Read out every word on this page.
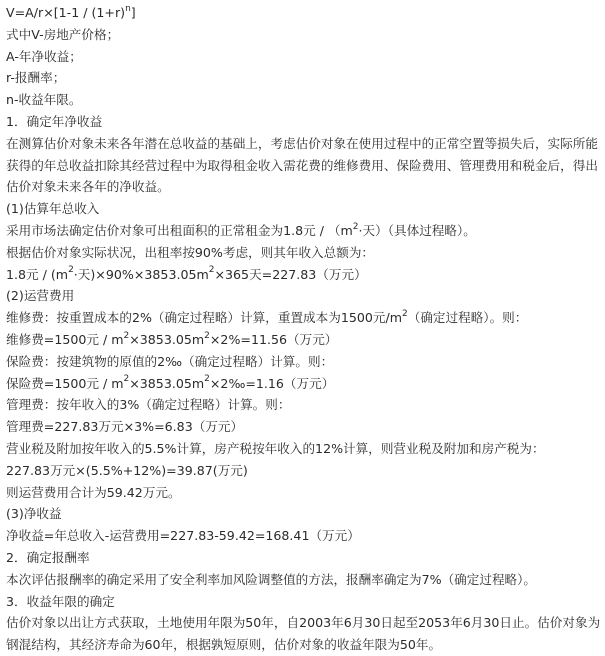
$V=A/r\times[1-1 / (1+r)^n]$
式中V-房地产价格；
A-年净收益；
r-报酬率；
n-收益年限。
1．确定年净收益

在测算估价对象未来各年潜在总收益的基础上，考虑估价对象在使用过程中的正常空置等损失后，实际所能获得的年总收益扣除其经营过程中为取得租金收入需花费的维修费用、保险费用、管理费用和税金后，得出估价对象未来各年的净收益。

(1)估算年总收入
采用市场法确定估价对象可出租面积的正常租金为1.8元 / （$m^2\cdot$天）（具体过程略）。
根据估价对象实际状况，出租率按90%考虑，则其年收入总额为：
1.8元 / ($m^2\cdot$天)$\times 90\%\times 3853.05m^2\times 365$天=227.83（万元）
(2)运营费用
维修费：按重置成本的2%（确定过程略）计算，重置成本为1500元$/m^2$（确定过程略）。则：
维修费=1500元 / $m^2\times 3853.05m^2\times 2\%=11.56$（万元）
保险费：按建筑物的原值的2‰（确定过程略）计算。则：
保险费=1500元 / $m^2\times 3853.05m^2\times 2‰=1.16$（万元）
管理费：按年收入的3%（确定过程略）计算。则：
管理费=227.83万元×3%=6.83（万元）
营业税及附加按年收入的5.5%计算，房产税按年收入的12%计算，则营业税及附加和房产税为：
227.83万元×(5.5%+12%)=39.87(万元)
则运营费用合计为59.42万元。
(3)净收益
净收益=年总收入-运营费用=227.83-59.42=168.41（万元）
2．确定报酬率
本次评估报酬率的确定采用了安全利率加风险调整值的方法，报酬率确定为7%（确定过程略）。
3．收益年限的确定

估价对象以出让方式获取，土地使用年限为50年，自2003年6月30日起至2053年6月30日止。估价对象为钢混结构，其经济寿命为60年，根据孰短原则，估价对象的收益年限为50年。
